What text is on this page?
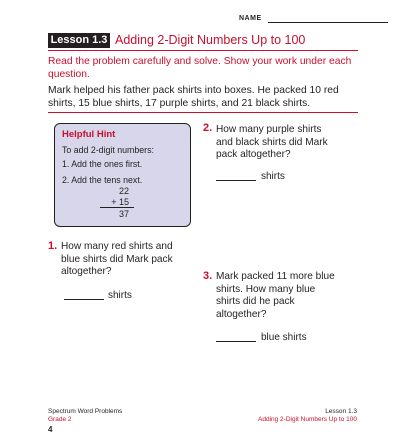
NAME
Lesson 1.3 Adding 2-Digit Numbers Up to 100
Read the problem carefully and solve. Show your work under each question.
Mark helped his father pack shirts into boxes. He packed 10 red shirts, 15 blue shirts, 17 purple shirts, and 21 black shirts.
Helpful Hint
To add 2-digit numbers:
1. Add the ones first.
2. Add the tens next.
22
+ 15
37
1. How many red shirts and blue shirts did Mark pack altogether?
shirts
2. How many purple shirts and black shirts did Mark pack altogether?
shirts
3. Mark packed 11 more blue shirts. How many blue shirts did he pack altogether?
blue shirts
Spectrum Word Problems
Grade 2
4
Lesson 1.3
Adding 2-Digit Numbers Up to 100
